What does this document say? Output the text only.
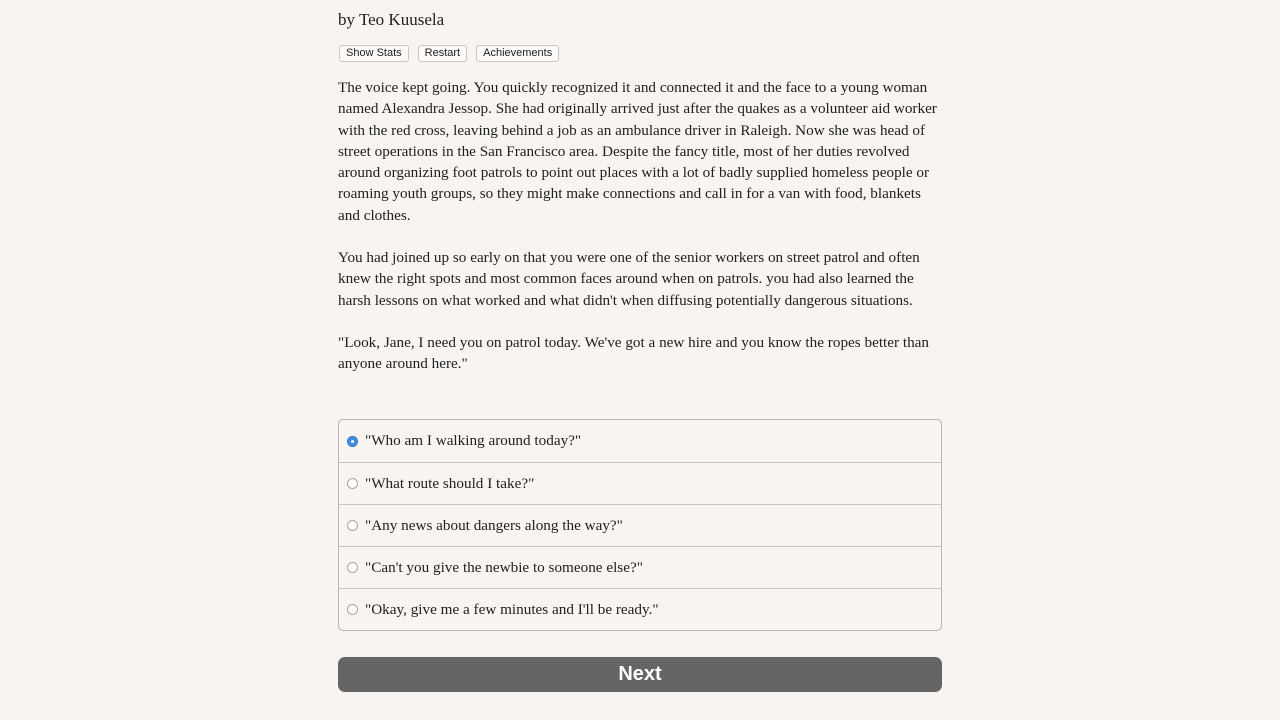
by Teo Kuusela
Show Stats	Restart	Achievements

The voice kept going. You quickly recognized it and connected it and the face to a young woman named Alexandra Jessop. She had originally arrived just after the quakes as a volunteer aid worker with the red cross, leaving behind a job as an ambulance driver in Raleigh. Now she was head of street operations in the San Francisco area. Despite the fancy title, most of her duties revolved around organizing foot patrols to point out places with a lot of badly supplied homeless people or roaming youth groups, so they might make connections and call in for a van with food, blankets and clothes.

You had joined up so early on that you were one of the senior workers on street patrol and often knew the right spots and most common faces around when on patrols. you had also learned the harsh lessons on what worked and what didn't when diffusing potentially dangerous situations.

"Look, Jane, I need you on patrol today. We've got a new hire and you know the ropes better than anyone around here."

"Who am I walking around today?"
"What route should I take?"
"Any news about dangers along the way?"
"Can't you give the newbie to someone else?"
"Okay, give me a few minutes and I'll be ready."
Next
